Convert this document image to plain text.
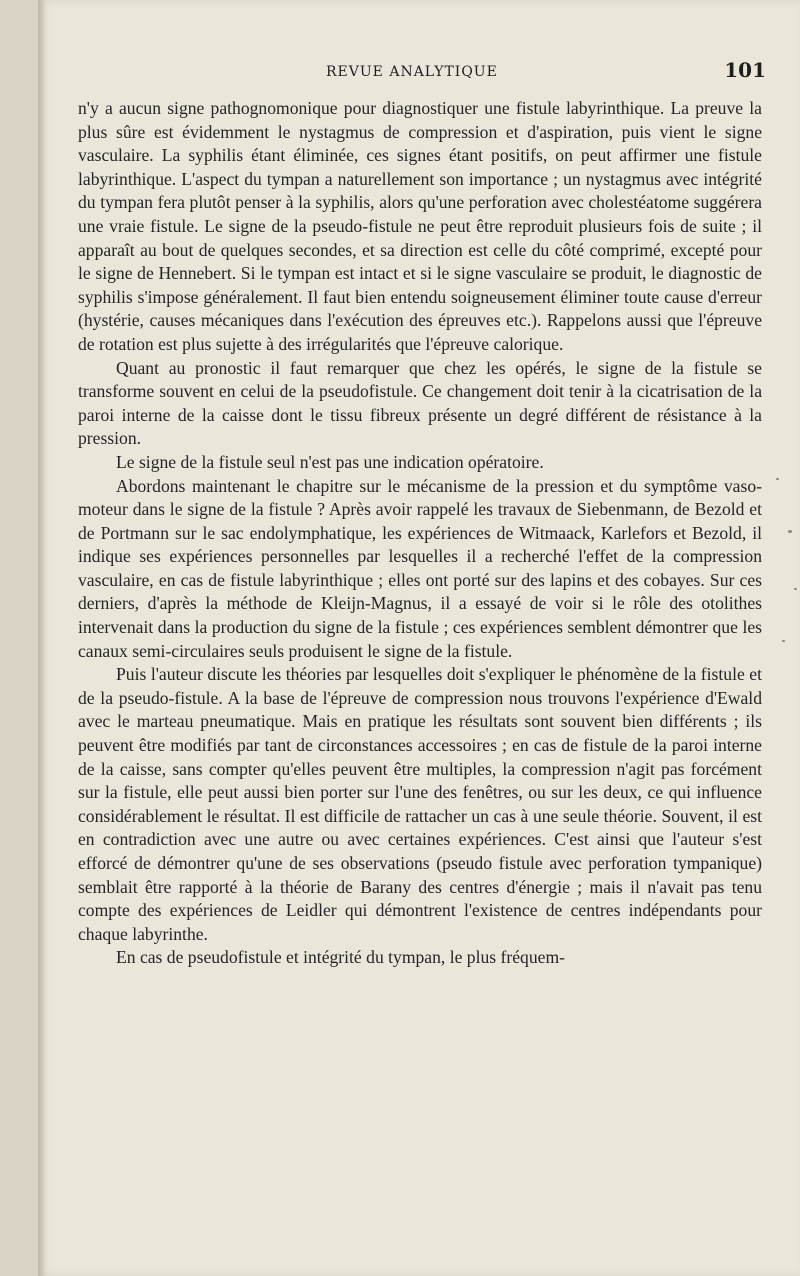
REVUE ANALYTIQUE	101

n'y a aucun signe pathognomonique pour diagnostiquer une fistule labyrinthique. La preuve la plus sûre est évidemment le nystagmus de compression et d'aspiration, puis vient le signe vasculaire. La syphilis étant éliminée, ces signes étant positifs, on peut affirmer une fistule labyrinthique. L'aspect du tympan a naturellement son importance ; un nystagmus avec intégrité du tympan fera plutôt penser à la syphilis, alors qu'une perforation avec cholestéatome suggérera une vraie fistule. Le signe de la pseudo-fistule ne peut être reproduit plusieurs fois de suite ; il apparaît au bout de quelques secondes, et sa direction est celle du côté comprimé, excepté pour le signe de Hennebert. Si le tympan est intact et si le signe vasculaire se produit, le diagnostic de syphilis s'impose généralement. Il faut bien entendu soigneusement éliminer toute cause d'erreur (hystérie, causes mécaniques dans l'exécution des épreuves etc.). Rappelons aussi que l'épreuve de rotation est plus sujette à des irrégularités que l'épreuve calorique.

Quant au pronostic il faut remarquer que chez les opérés, le signe de la fistule se transforme souvent en celui de la pseudofistule. Ce changement doit tenir à la cicatrisation de la paroi interne de la caisse dont le tissu fibreux présente un degré différent de résistance à la pression.

Le signe de la fistule seul n'est pas une indication opératoire.

Abordons maintenant le chapitre sur le mécanisme de la pression et du symptôme vaso-moteur dans le signe de la fistule ? Après avoir rappelé les travaux de Siebenmann, de Bezold et de Portmann sur le sac endolymphatique, les expériences de Witmaack, Karlefors et Bezold, il indique ses expériences personnelles par lesquelles il a recherché l'effet de la compression vasculaire, en cas de fistule labyrinthique ; elles ont porté sur des lapins et des cobayes. Sur ces derniers, d'après la méthode de Kleijn-Magnus, il a essayé de voir si le rôle des otolithes intervenait dans la production du signe de la fistule ; ces expériences semblent démontrer que les canaux semi-circulaires seuls produisent le signe de la fistule.

Puis l'auteur discute les théories par lesquelles doit s'expliquer le phénomène de la fistule et de la pseudo-fistule. A la base de l'épreuve de compression nous trouvons l'expérience d'Ewald avec le marteau pneumatique. Mais en pratique les résultats sont souvent bien différents ; ils peuvent être modifiés par tant de circonstances accessoires ; en cas de fistule de la paroi interne de la caisse, sans compter qu'elles peuvent être multiples, la compression n'agit pas forcément sur la fistule, elle peut aussi bien porter sur l'une des fenêtres, ou sur les deux, ce qui influence considérablement le résultat. Il est difficile de rattacher un cas à une seule théorie. Souvent, il est en contradiction avec une autre ou avec certaines expériences. C'est ainsi que l'auteur s'est efforcé de démontrer qu'une de ses observations (pseudo fistule avec perforation tympanique) semblait être rapporté à la théorie de Barany des centres d'énergie ; mais il n'avait pas tenu compte des expériences de Leidler qui démontrent l'existence de centres indépendants pour chaque labyrinthe.

En cas de pseudofistule et intégrité du tympan, le plus fréquem-
